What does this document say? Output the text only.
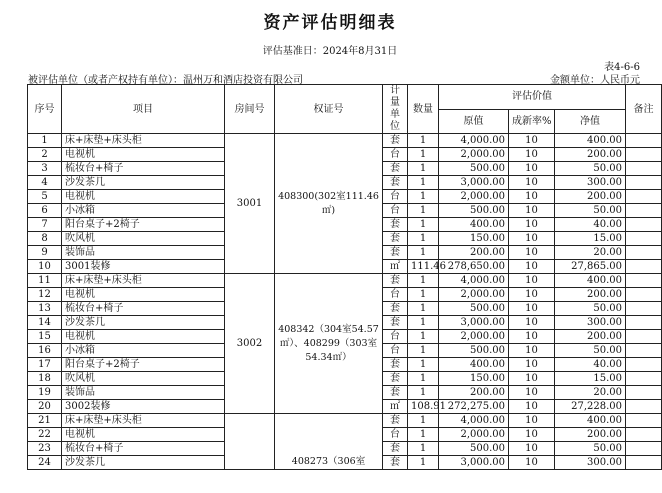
资产评估明细表
评估基准日：2024年8月31日
表4-6-6
被评估单位（或者产权持有单位）：温州万和酒店投资有限公司	金额单位：人民币元
序号	项目	房间号	权证号	计量单位	数量	评估价值			备注
						原值	成新率%	净值	
1	床+床垫+床头柜	3001	408300(302室111.46㎡)	套	1	4,000.00	10	400.00	
2	电视机			台	1	2,000.00	10	200.00	
3	梳妆台+椅子			套	1	500.00	10	50.00	
4	沙发茶几			套	1	3,000.00	10	300.00	
5	电视机			台	1	2,000.00	10	200.00	
6	小冰箱			台	1	500.00	10	50.00	
7	阳台桌子+2椅子			套	1	400.00	10	40.00	
8	吹风机			套	1	150.00	10	15.00	
9	装饰品			套	1	200.00	10	20.00	
10	3001装修			㎡	111.46	278,650.00	10	27,865.00	
11	床+床垫+床头柜	3002	408342（304室54.57㎡）、408299（303室54.34㎡）	套	1	4,000.00	10	400.00	
12	电视机			台	1	2,000.00	10	200.00	
13	梳妆台+椅子			套	1	500.00	10	50.00	
14	沙发茶几			套	1	3,000.00	10	300.00	
15	电视机			台	1	2,000.00	10	200.00	
16	小冰箱			台	1	500.00	10	50.00	
17	阳台桌子+2椅子			套	1	400.00	10	40.00	
18	吹风机			套	1	150.00	10	15.00	
19	装饰品			套	1	200.00	10	20.00	
20	3002装修			㎡	108.91	272,275.00	10	27,228.00	
21	床+床垫+床头柜		408273（306室	套	1	4,000.00	10	400.00	
22	电视机			台	1	2,000.00	10	200.00	
23	梳妆台+椅子			套	1	500.00	10	50.00	
24	沙发茶几			套	1	3,000.00	10	300.00	
